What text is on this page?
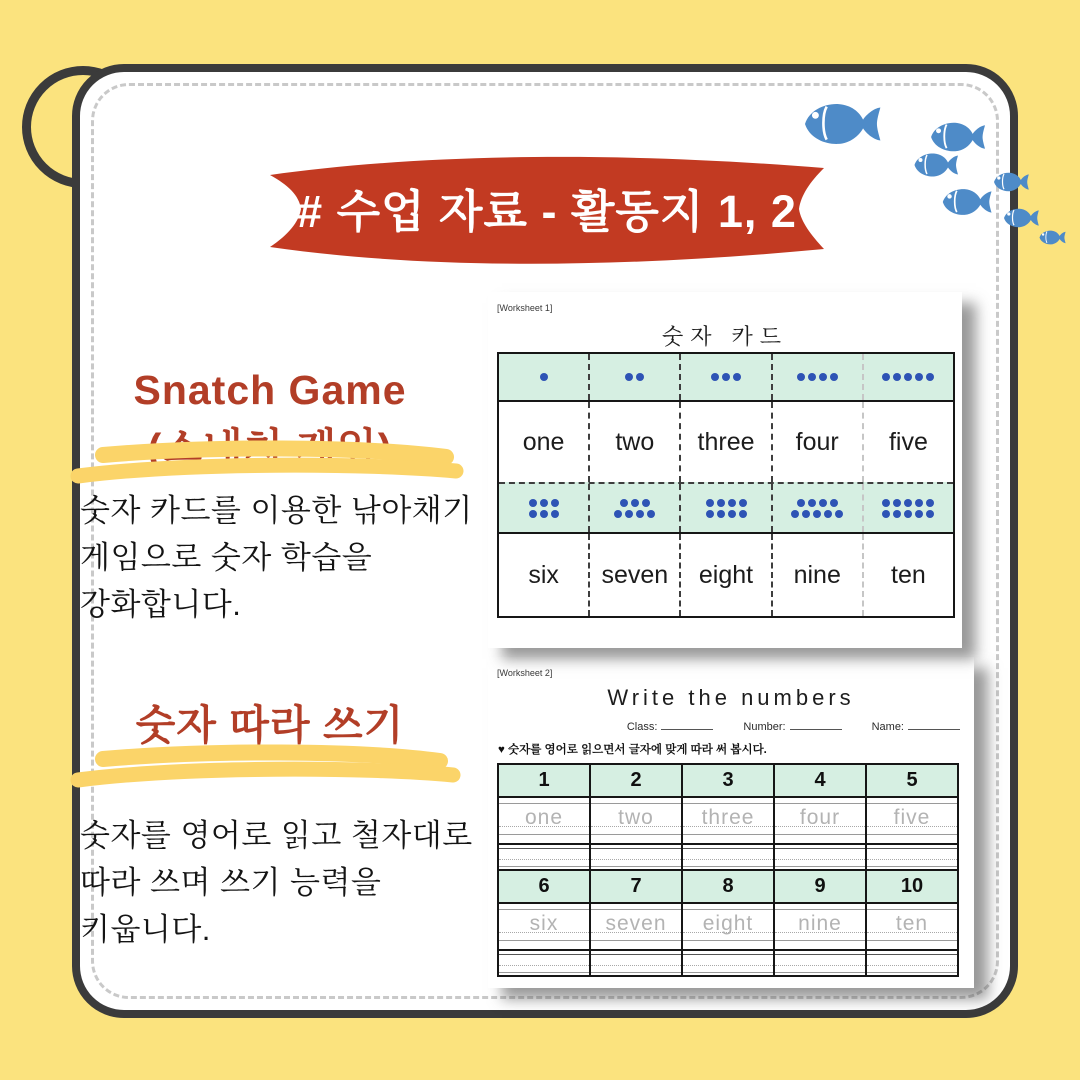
# 수업 자료 - 활동지 1, 2
Snatch Game
(스내치 게임)
숫자 카드를 이용한 낚아채기
게임으로 숫자 학습을
강화합니다.
숫자 따라 쓰기
숫자를 영어로 읽고 철자대로
따라 쓰며 쓰기 능력을
키웁니다.
[Worksheet 1]
숫자 카드
one	two	three	four	five
six	seven	eight	nine	ten
[Worksheet 2]
Write the numbers
Class:	Number:	Name:
♥ 숫자를 영어로 읽으면서 글자에 맞게 따라 써 봅시다.
1	2	3	4	5
one	two	three	four	five
6	7	8	9	10
six	seven	eight	nine	ten
